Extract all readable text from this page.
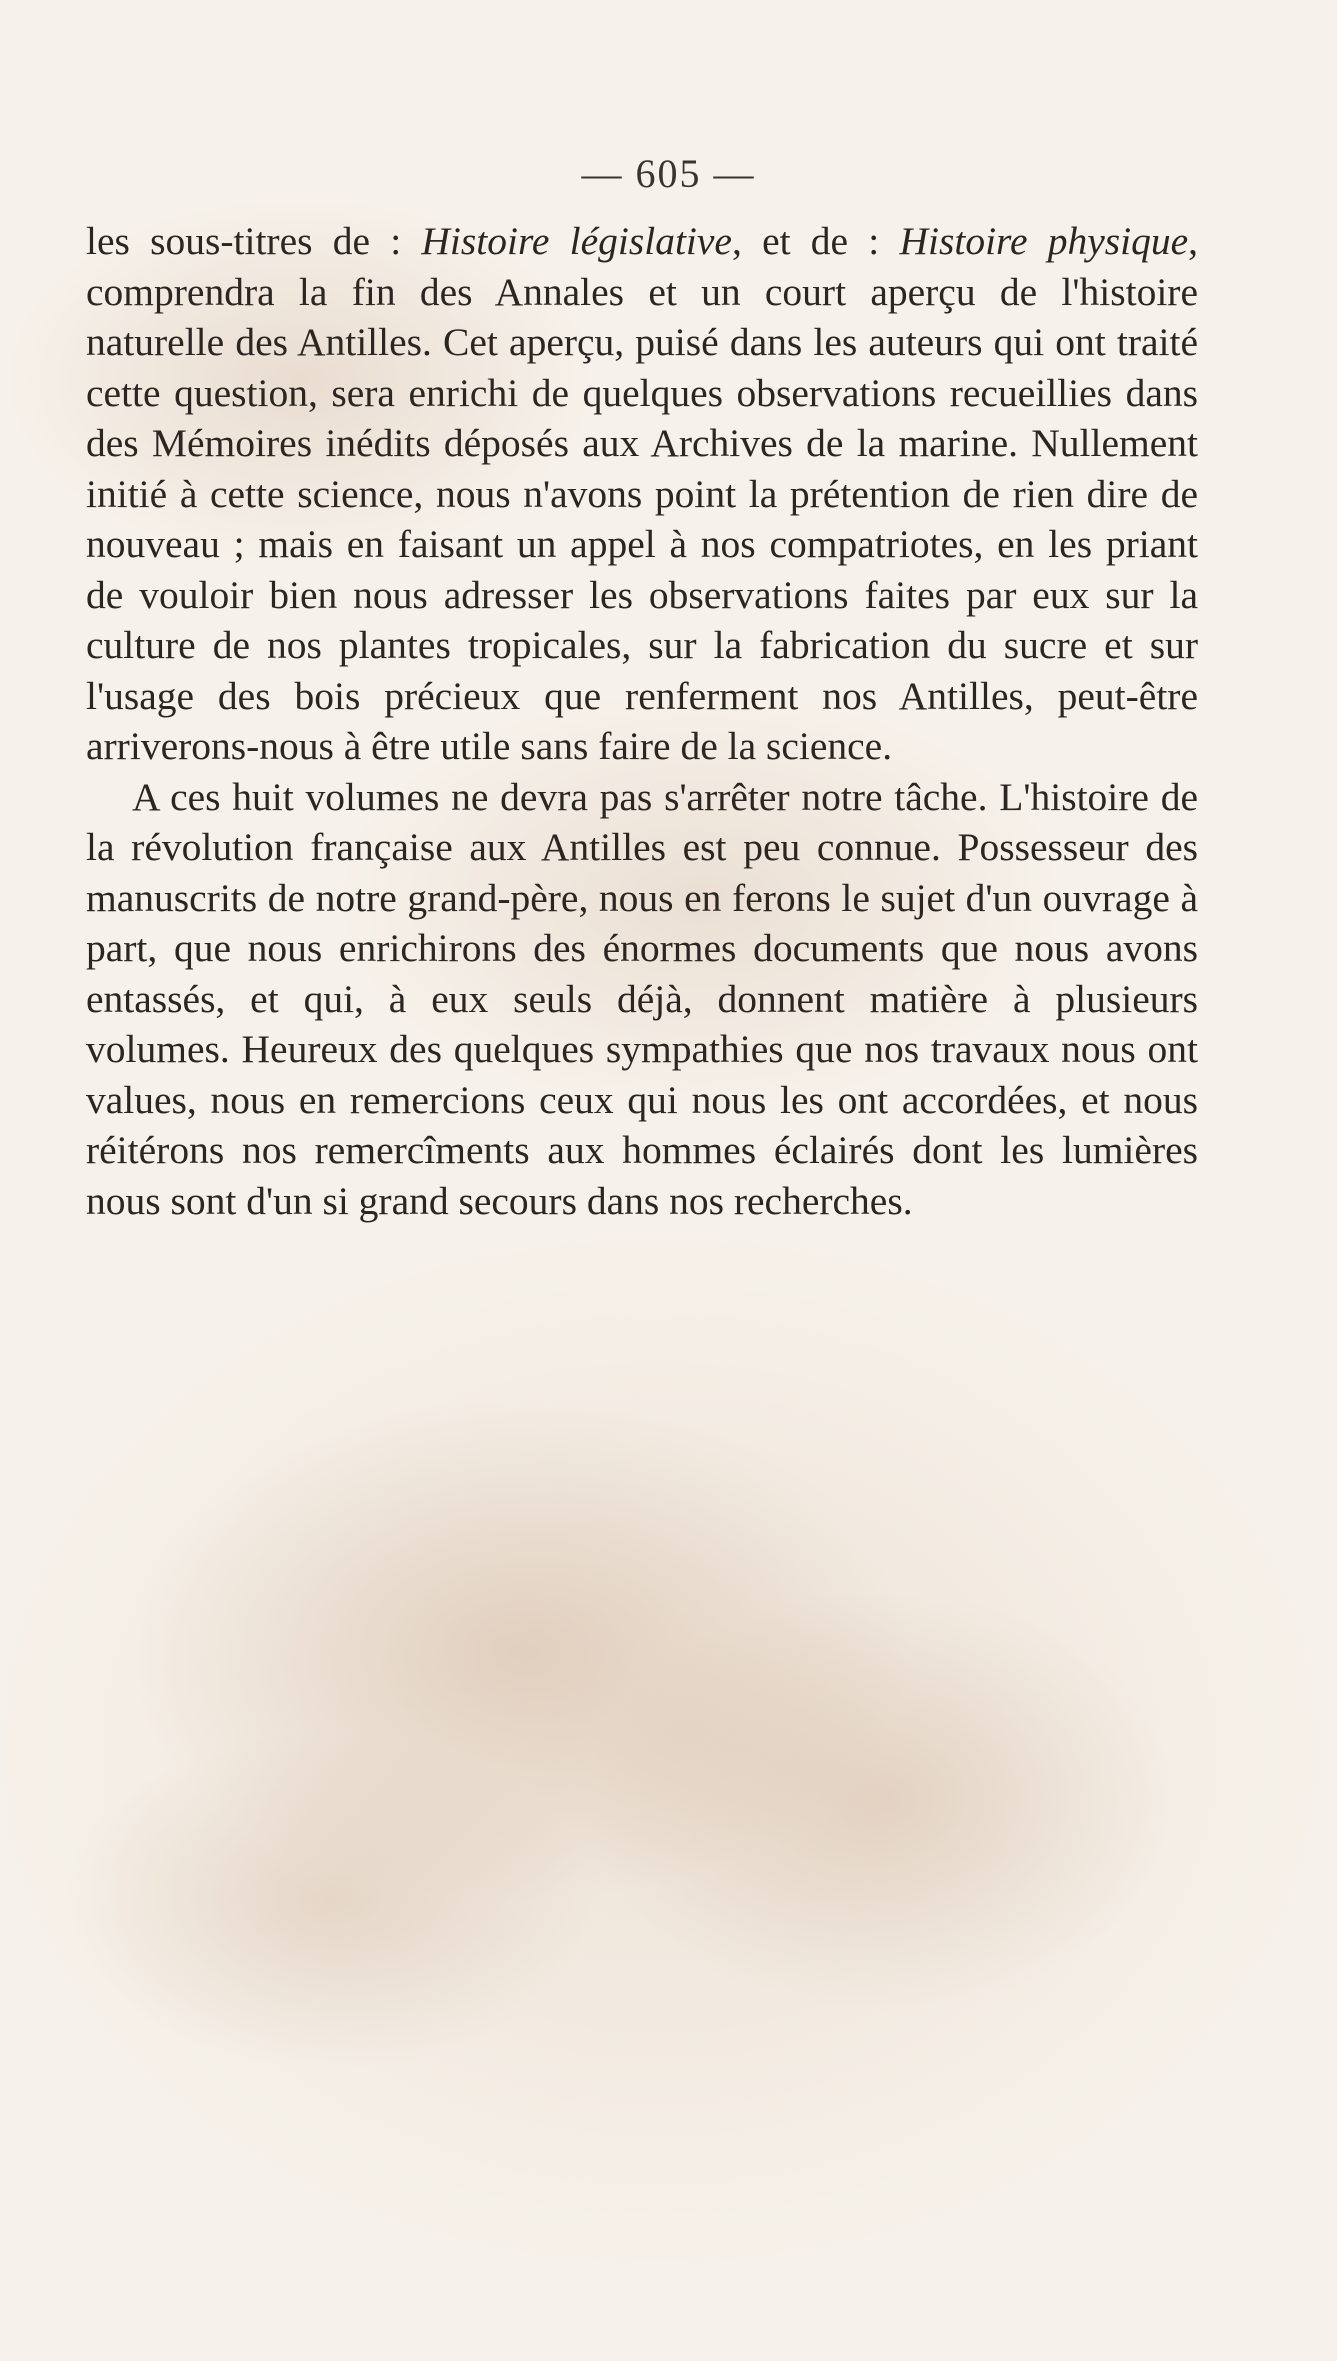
— 605 —

les sous-titres de : Histoire législative, et de : Histoire physique, comprendra la fin des Annales et un court aperçu de l'histoire naturelle des Antilles. Cet aperçu, puisé dans les auteurs qui ont traité cette question, sera enrichi de quelques observations recueillies dans des Mémoires inédits déposés aux Archives de la marine. Nullement initié à cette science, nous n'avons point la prétention de rien dire de nouveau ; mais en faisant un appel à nos compatriotes, en les priant de vouloir bien nous adresser les observations faites par eux sur la culture de nos plantes tropicales, sur la fabrication du sucre et sur l'usage des bois précieux que renferment nos Antilles, peut-être arriverons-nous à être utile sans faire de la science.

A ces huit volumes ne devra pas s'arrêter notre tâche. L'histoire de la révolution française aux Antilles est peu connue. Possesseur des manuscrits de notre grand-père, nous en ferons le sujet d'un ouvrage à part, que nous enrichirons des énormes documents que nous avons entassés, et qui, à eux seuls déjà, donnent matière à plusieurs volumes. Heureux des quelques sympathies que nos travaux nous ont values, nous en remercions ceux qui nous les ont accordées, et nous réitérons nos remercîments aux hommes éclairés dont les lumières nous sont d'un si grand secours dans nos recherches.
